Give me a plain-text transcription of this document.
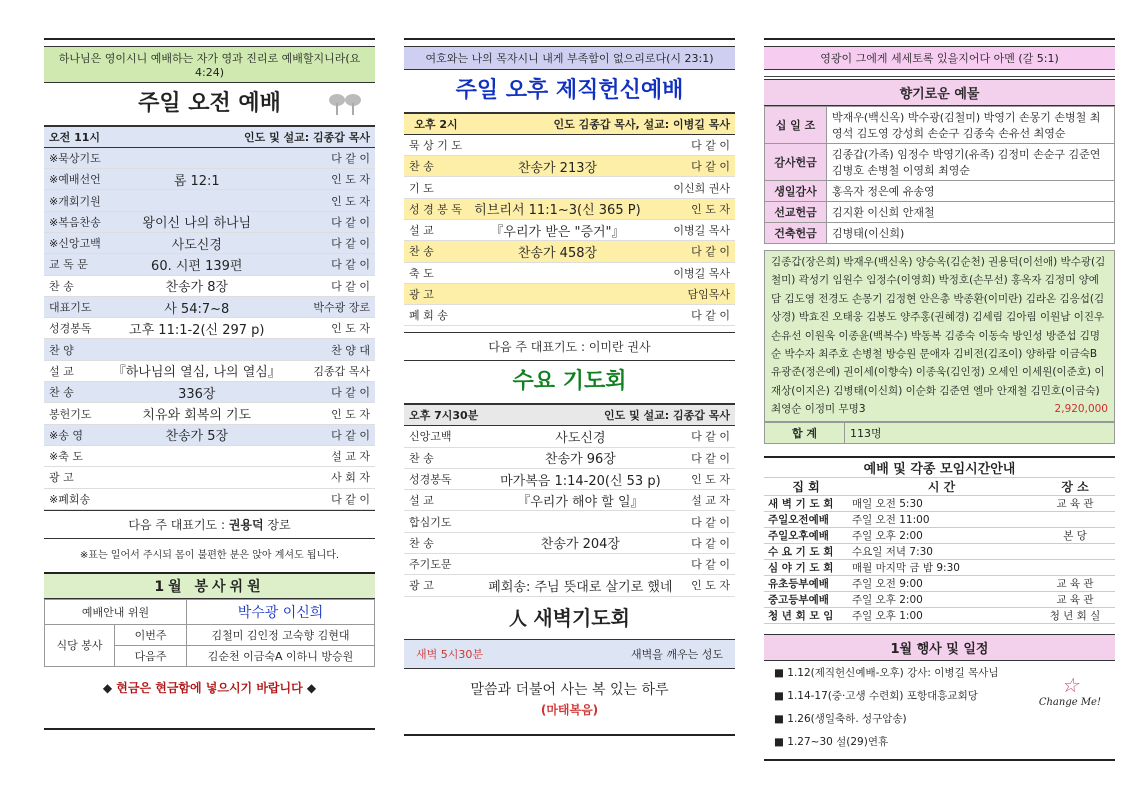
하나님은 영이시니 예배하는 자가 영과 진리로 예배할지니라(요4:24)
주일 오전 예배
오전 11시	인도 및 설교: 김종갑 목사	
※묵상기도		다 같 이
※예배선언	롬 12:1	인 도 자
※개회기원		인 도 자
※복음찬송	왕이신 나의 하나님	다 같 이
※신앙고백	사도신경	다 같 이
교 독 문	60. 시편 139편	다 같 이
찬 송	찬송가 8장	다 같 이
대표기도	사 54:7~8	박수광 장로
성경봉독	고후 11:1-2(신 297 p)	인 도 자
찬 양		찬 양 대
설 교	『하나님의 열심, 나의 열심』	김종갑 목사
찬 송	336장	다 같 이
봉헌기도	치유와 회복의 기도	인 도 자
※송 영	찬송가 5장	다 같 이
※축 도		설 교 자
광 고		사 회 자
※폐회송		다 같 이
다음 주 대표기도 : 권용덕 장로
※표는 일어서 주시되 몸이 불편한 분은 앉아 계셔도 됩니다.
1월 봉사위원
예배안내 위원		박수광 이신희
식당 봉사	이번주	김철미 김인정 고숙향 김현대
	다음주	김순천 이금숙A 이하니 방승원
◆ 현금은 현금함에 넣으시기 바랍니다 ◆
여호와는 나의 목자시니 내게 부족함이 없으리로다(시 23:1)
주일 오후 제직헌신예배
오후 2시	인도 김종갑 목사, 설교: 이병길 목사	
묵 상 기 도		다 같 이
찬 송	찬송가 213장	다 같 이
기 도		이신희 권사
성 경 봉 독	히브리서 11:1~3(신 365 P)	인 도 자
설 교	『우리가 받은 "증거"』	이병길 목사
찬 송	찬송가 458장	다 같 이
축 도		이병길 목사
광 고		담임목사
폐 회 송		다 같 이
다음 주 대표기도 : 이미란 권사
수요 기도회
오후 7시30분	인도 및 설교: 김종갑 목사	
신앙고백	사도신경	다 같 이
찬 송	찬송가 96장	다 같 이
성경봉독	마가복음 1:14-20(신 53 p)	인 도 자
설 교	『우리가 해야 할 일』	설 교 자
합심기도		다 같 이
찬 송	찬송가 204장	다 같 이
주기도문		다 같 이
광 고	폐회송: 주님 뜻대로 살기로 했네	인 도 자
人 새벽기도회
새벽 5시30분	새벽을 깨우는 성도
말씀과 더불어 사는 복 있는 하루
(마태복음)
영광이 그에게 세세토록 있을지어다 아멘 (갈 5:1)
향기로운 예물
십 일 조	박재우(백신옥) 박수광(김철미) 박영기 손몽기 손병철 최영석 김도영 강성희 손순구 김종숙 손유선 최영순
감사헌금	김종갑(가족) 임정수 박영기(유족) 김정미 손순구 김준연 김병호 손병철 이영희 최영순
생일감사	홍옥자 정은예 유송영
선교헌금	김지환 이신희 안재철
건축헌금	김병태(이신희)
김종갑(장은희) 박재우(백신옥) 양승옥(김순천) 권용덕(이선애) 박수광(김철미) 곽성기 임원수 임정수(이영희) 박정호(손무선) 홍옥자 김정미 양예담 김도영 전경도 손몽기 김정현 안은총 박종환(이미란) 김라온 김응섭(김상경) 박효진 오태웅 김봉도 양주홍(권혜경) 김세림 김아림 이원남 이진우 손유선 이원욱 이종윤(백복수) 박동복 김종숙 이동숙 방인성 방준섭 김명순 박수자 최주호 손병철 방승원 문애자 김비전(김조이) 양하람 이금숙B 유광준(정은예) 권이세(이향숙) 이종욱(김인정) 오세인 이세원(이준호) 이재상(이지은) 김병태(이신희) 이순화 김준연 엘마 안재철 김민호(이금숙) 최영순 이정미 무명3	2,920,000
합 계	113명
예배 및 각종 모임시간안내		
집 회	시 간	장 소
새 벽 기 도 회	매일 오전 5:30	교 육 관
주일오전예배	주일 오전 11:00	
주일오후예배	주일 오후 2:00	본 당
수 요 기 도 회	수요일 저녁 7:30	
심 야 기 도 회	매월 마지막 금 밤 9:30	
유초등부예배	주일 오전 9:00	교 육 관
중고등부예배	주일 오후 2:00	교 육 관
청 년 회 모 임	주일 오후 1:00	청 년 회 실
1월 행사 및 일정
■ 1.12(제직헌신예배-오후) 강사: 이병길 목사님
■ 1.14-17(중·고생 수련회) 포항대흥교회당
■ 1.26(생일축하. 성구암송)
■ 1.27~30 설(29)연휴
☆
Change Me!
